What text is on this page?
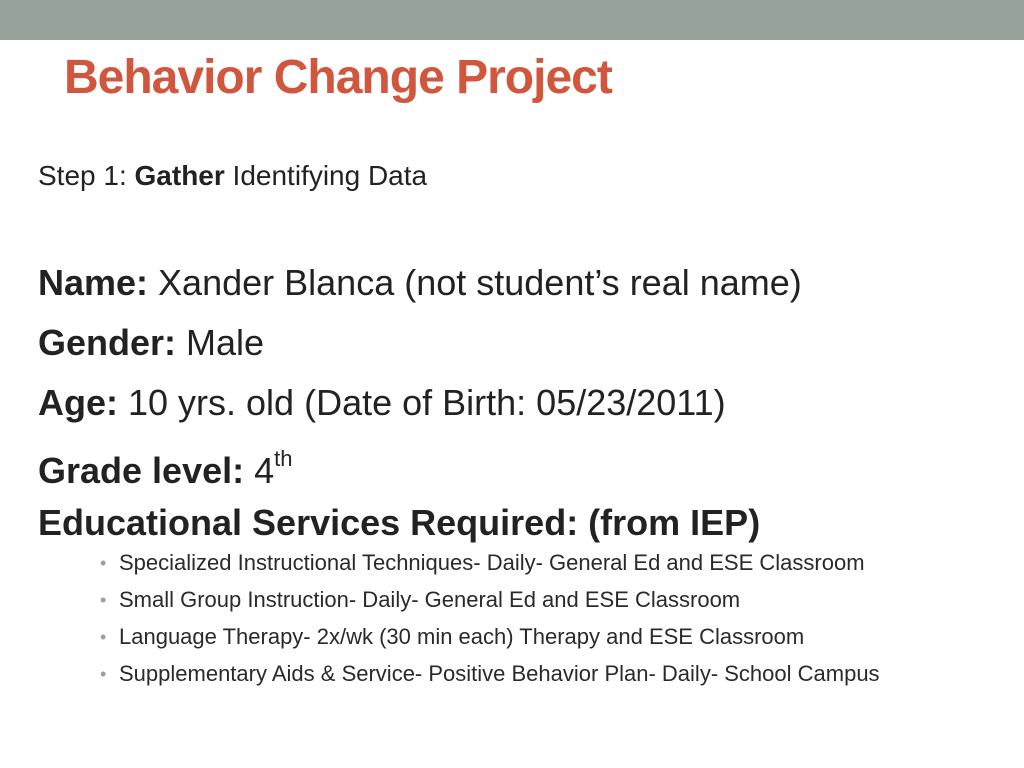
Behavior Change Project
Step 1: Gather Identifying Data
Name: Xander Blanca (not student’s real name)
Gender: Male
Age: 10 yrs. old (Date of Birth: 05/23/2011)
Grade level: 4th
Educational Services Required: (from IEP)
• Specialized Instructional Techniques- Daily- General Ed and ESE Classroom
• Small Group Instruction- Daily- General Ed and ESE Classroom
• Language Therapy- 2x/wk (30 min each) Therapy and ESE Classroom
• Supplementary Aids & Service- Positive Behavior Plan- Daily- School Campus
